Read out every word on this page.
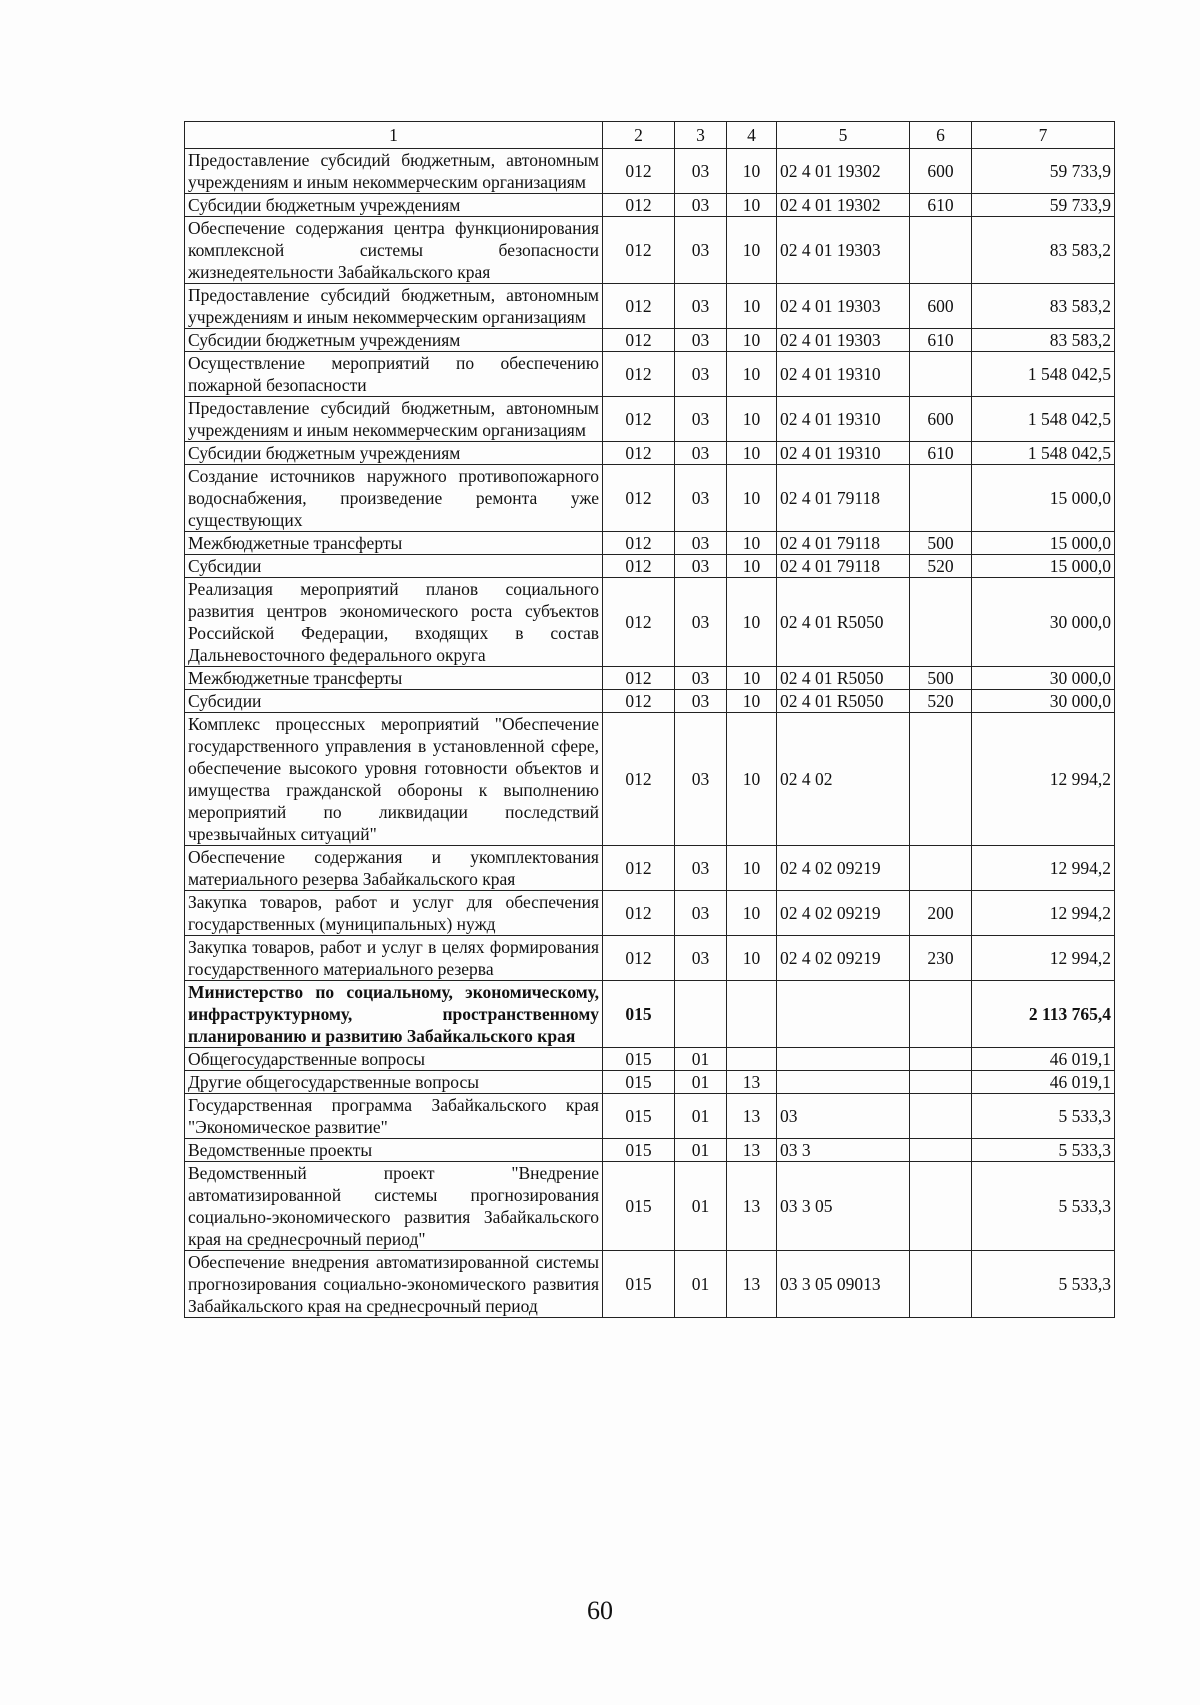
1	2	3	4	5	6	7
Предоставление субсидий бюджетным, автономным учреждениям и иным некоммерческим организациям	012	03	10	02 4 01 19302	600	59 733,9
Субсидии бюджетным учреждениям	012	03	10	02 4 01 19302	610	59 733,9
Обеспечение содержания центра функционирования комплексной системы безопасности жизнедеятельности Забайкальского края	012	03	10	02 4 01 19303		83 583,2
Предоставление субсидий бюджетным, автономным учреждениям и иным некоммерческим организациям	012	03	10	02 4 01 19303	600	83 583,2
Субсидии бюджетным учреждениям	012	03	10	02 4 01 19303	610	83 583,2
Осуществление мероприятий по обеспечению пожарной безопасности	012	03	10	02 4 01 19310		1 548 042,5
Предоставление субсидий бюджетным, автономным учреждениям и иным некоммерческим организациям	012	03	10	02 4 01 19310	600	1 548 042,5
Субсидии бюджетным учреждениям	012	03	10	02 4 01 19310	610	1 548 042,5
Создание источников наружного противопожарного водоснабжения, произведение ремонта уже существующих	012	03	10	02 4 01 79118		15 000,0
Межбюджетные трансферты	012	03	10	02 4 01 79118	500	15 000,0
Субсидии	012	03	10	02 4 01 79118	520	15 000,0
Реализация мероприятий планов социального развития центров экономического роста субъектов Российской Федерации, входящих в состав Дальневосточного федерального округа	012	03	10	02 4 01 R5050		30 000,0
Межбюджетные трансферты	012	03	10	02 4 01 R5050	500	30 000,0
Субсидии	012	03	10	02 4 01 R5050	520	30 000,0
Комплекс процессных мероприятий "Обеспечение государственного управления в установленной сфере, обеспечение высокого уровня готовности объектов и имущества гражданской обороны к выполнению мероприятий по ликвидации последствий чрезвычайных ситуаций"	012	03	10	02 4 02		12 994,2
Обеспечение содержания и укомплектования материального резерва Забайкальского края	012	03	10	02 4 02 09219		12 994,2
Закупка товаров, работ и услуг для обеспечения государственных (муниципальных) нужд	012	03	10	02 4 02 09219	200	12 994,2
Закупка товаров, работ и услуг в целях формирования государственного материального резерва	012	03	10	02 4 02 09219	230	12 994,2
Министерство по социальному, экономическому, инфраструктурному, пространственному планированию и развитию Забайкальского края	015					2 113 765,4
Общегосударственные вопросы	015	01				46 019,1
Другие общегосударственные вопросы	015	01	13			46 019,1
Государственная программа Забайкальского края "Экономическое развитие"	015	01	13	03		5 533,3
Ведомственные проекты	015	01	13	03 3		5 533,3
Ведомственный проект "Внедрение автоматизированной системы прогнозирования социально-экономического развития Забайкальского края на среднесрочный период"	015	01	13	03 3 05		5 533,3
Обеспечение внедрения автоматизированной системы прогнозирования социально-экономического развития Забайкальского края на среднесрочный период	015	01	13	03 3 05 09013		5 533,3
60
